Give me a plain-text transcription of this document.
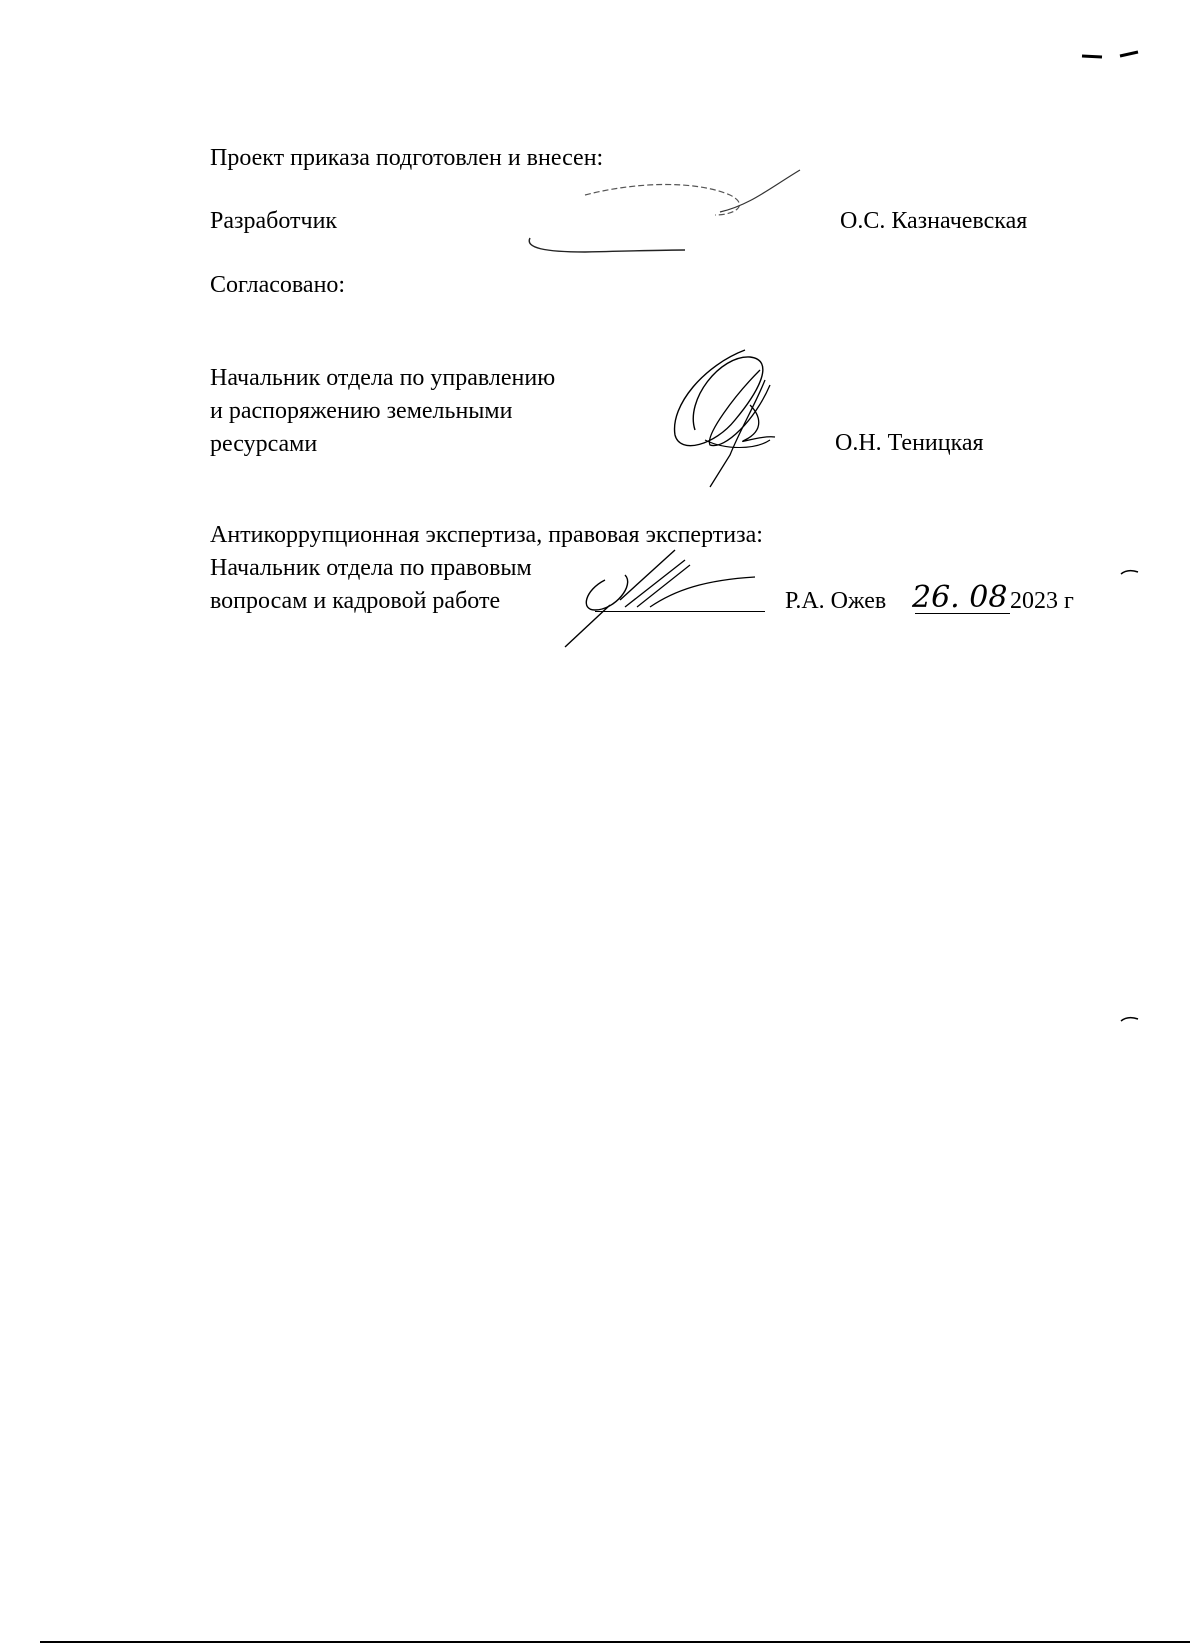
Проект приказа подготовлен и внесен:
Разработчик	О.С. Казначевская
Согласовано:
Начальник отдела по управлению
и распоряжению земельными
ресурсами	О.Н. Теницкая
Антикоррупционная экспертиза, правовая экспертиза:
Начальник отдела по правовым
вопросам и кадровой работе	Р.А. Ожев 26. 08 2023 г
